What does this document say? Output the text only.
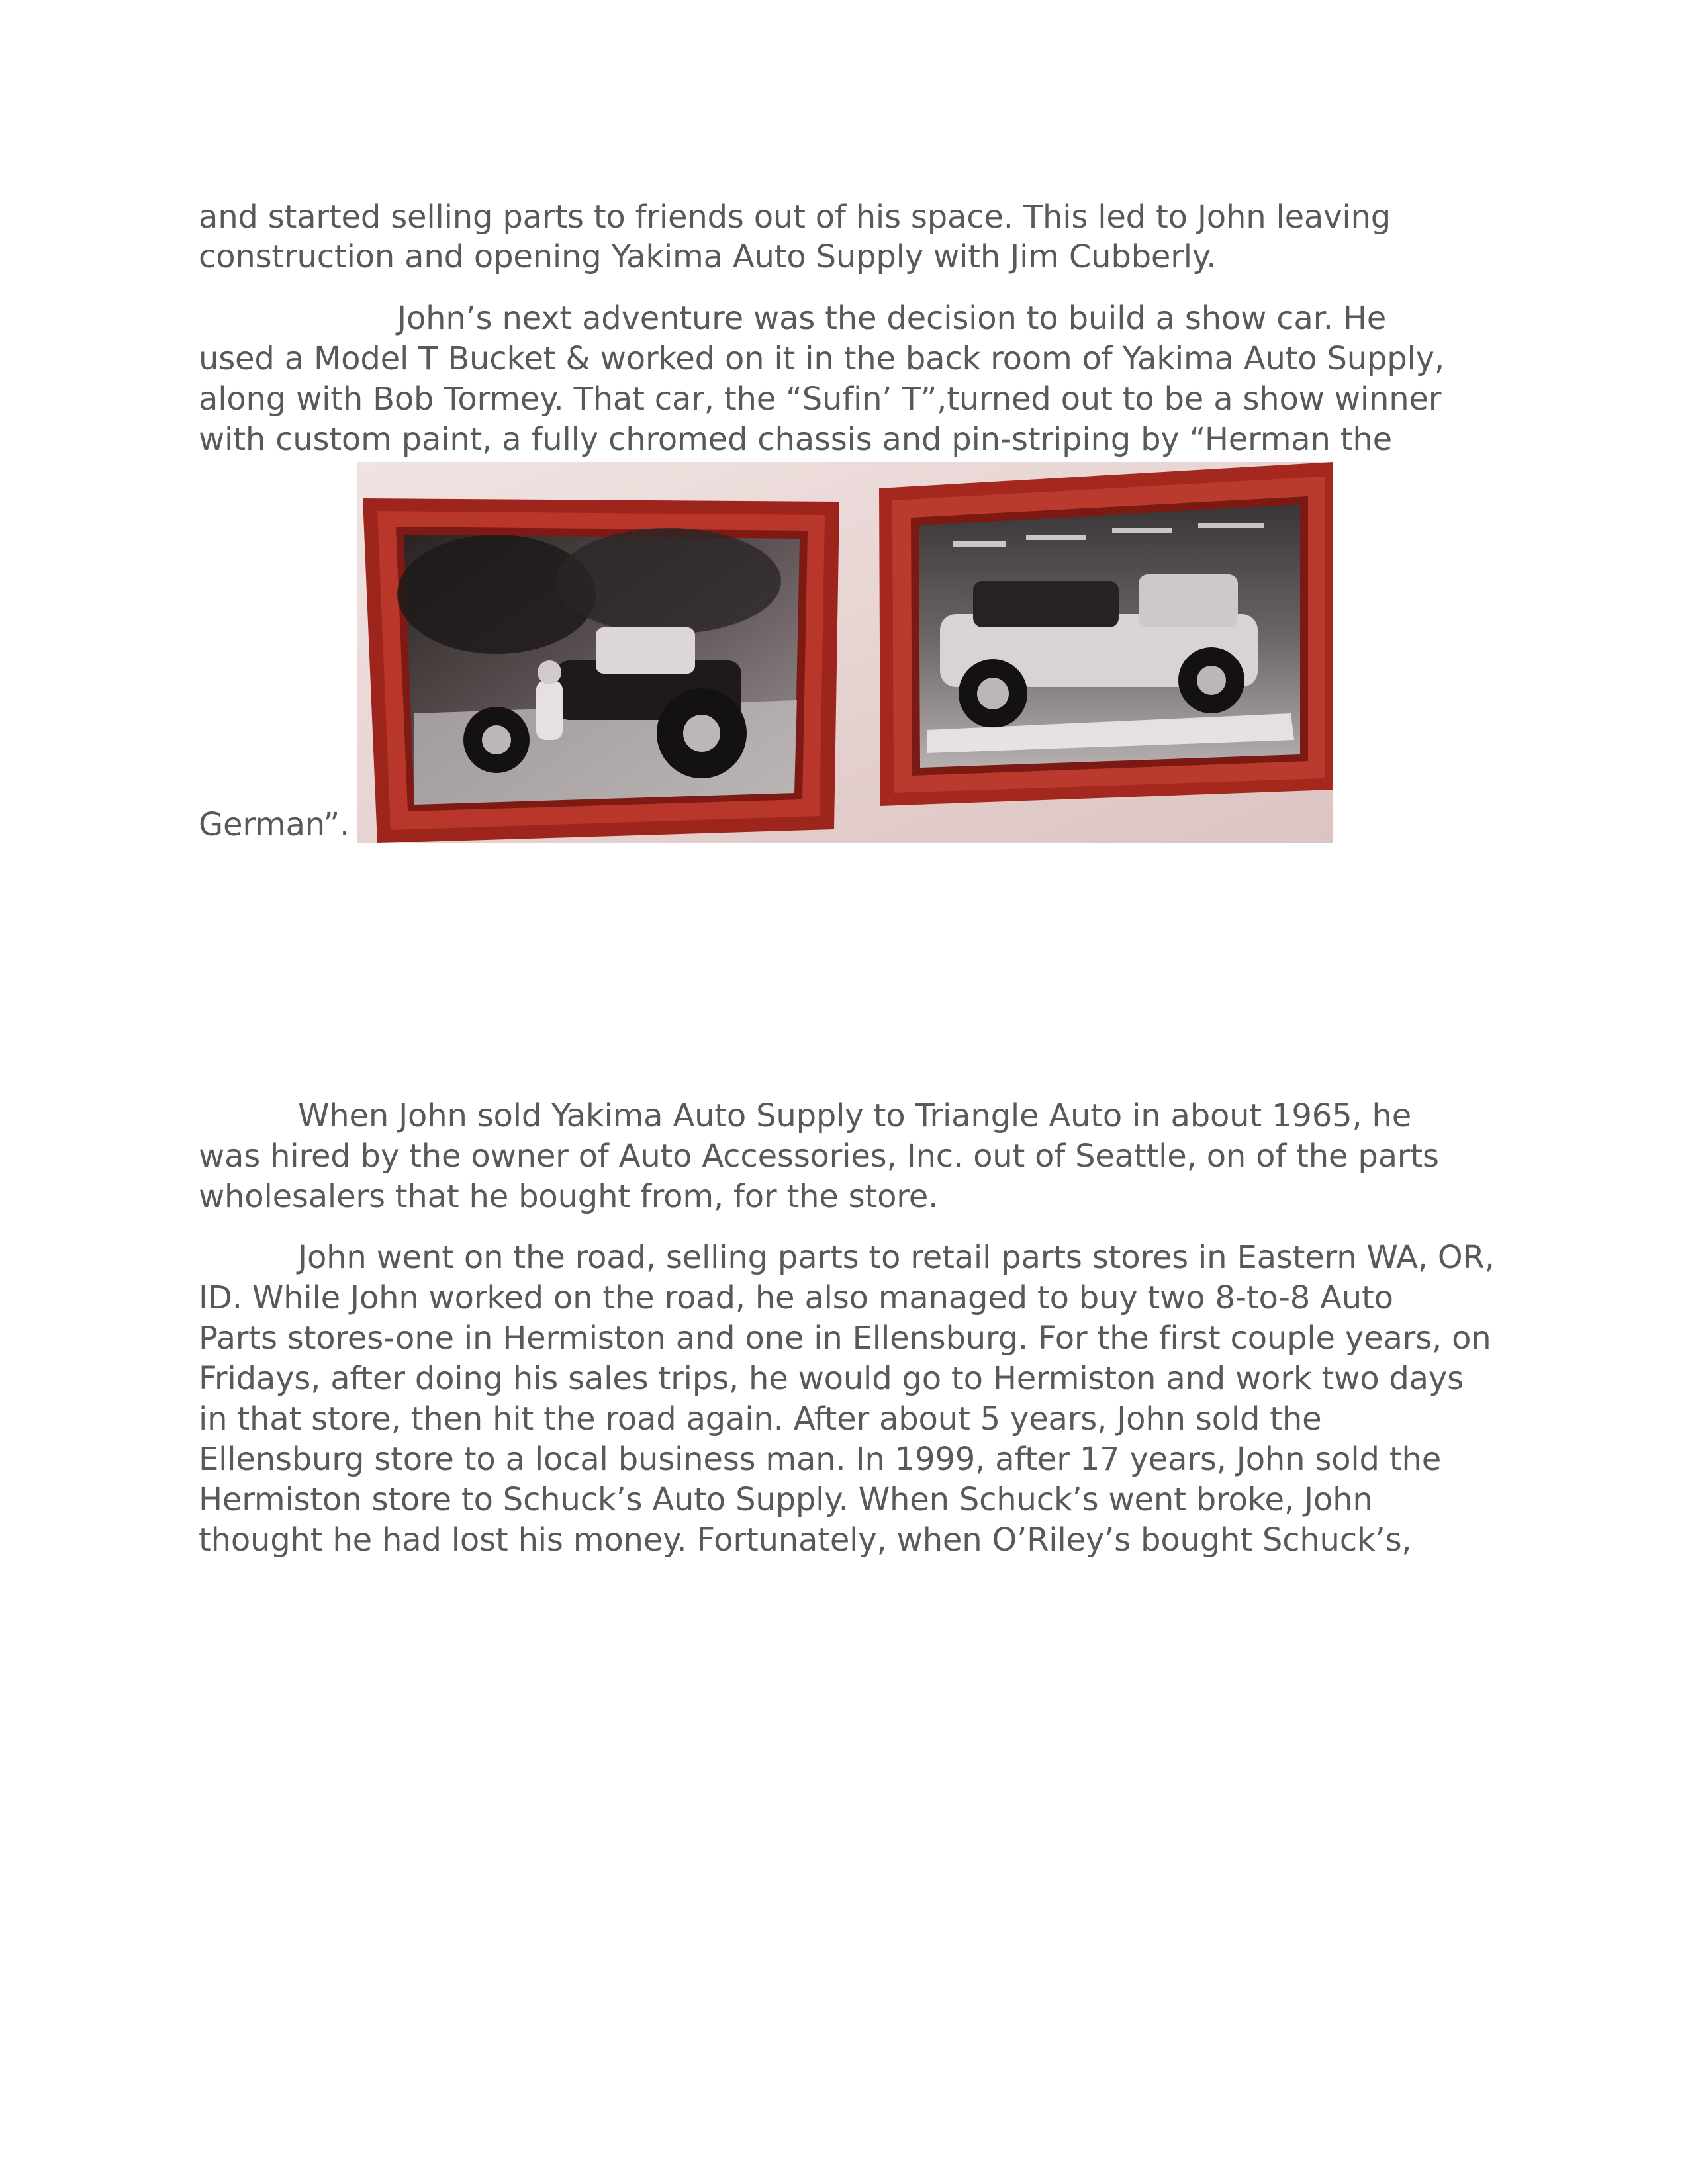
and started selling parts to friends out of his space. This led to John leaving
construction and opening Yakima Auto Supply with Jim Cubberly.
John’s next adventure was the decision to build a show car. He
used a Model T Bucket & worked on it in the back room of Yakima Auto Supply,
along with Bob Tormey. That car, the “Sufin’ T”,turned out to be a show winner
with custom paint, a fully chromed chassis and pin-striping by “Herman the
German”.
When John sold Yakima Auto Supply to Triangle Auto in about 1965, he
was hired by the owner of Auto Accessories, Inc. out of Seattle, on of the parts
wholesalers that he bought from, for the store.
John went on the road, selling parts to retail parts stores in Eastern WA, OR,
ID. While John worked on the road, he also managed to buy two 8-to-8 Auto
Parts stores-one in Hermiston and one in Ellensburg. For the first couple years, on
Fridays, after doing his sales trips, he would go to Hermiston and work two days
in that store, then hit the road again. After about 5 years, John sold the
Ellensburg store to a local business man. In 1999, after 17 years, John sold the
Hermiston store to Schuck’s Auto Supply. When Schuck’s went broke, John
thought he had lost his money. Fortunately, when O’Riley’s bought Schuck’s,
